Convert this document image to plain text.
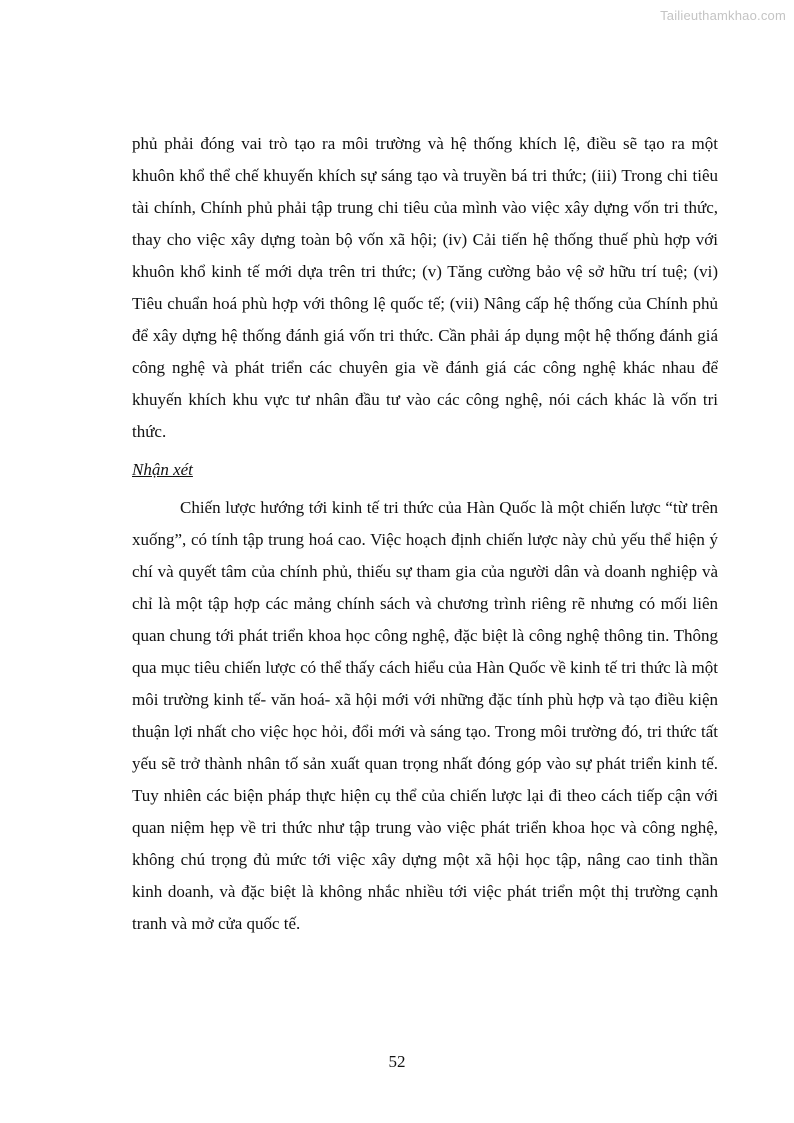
Tailieuthamkhao.com

phủ phải đóng vai trò tạo ra môi trường và hệ thống khích lệ, điều sẽ tạo ra một khuôn khổ thể chế khuyến khích sự sáng tạo và truyền bá tri thức; (iii) Trong chi tiêu tài chính, Chính phủ phải tập trung chi tiêu của mình vào việc xây dựng vốn tri thức, thay cho việc xây dựng toàn bộ vốn xã hội; (iv) Cải tiến hệ thống thuế phù hợp với khuôn khổ kinh tế mới dựa trên tri thức; (v) Tăng cường bảo vệ sở hữu trí tuệ; (vi) Tiêu chuẩn hoá phù hợp với thông lệ quốc tế; (vii) Nâng cấp hệ thống của Chính phủ để xây dựng hệ thống đánh giá vốn tri thức. Cần phải áp dụng một hệ thống đánh giá công nghệ và phát triển các chuyên gia về đánh giá các công nghệ khác nhau để khuyến khích khu vực tư nhân đầu tư vào các công nghệ, nói cách khác là vốn tri thức.

Nhận xét

Chiến lược hướng tới kinh tế tri thức của Hàn Quốc là một chiến lược “từ trên xuống”, có tính tập trung hoá cao. Việc hoạch định chiến lược này chủ yếu thể hiện ý chí và quyết tâm của chính phủ, thiếu sự tham gia của người dân và doanh nghiệp và chỉ là một tập hợp các mảng chính sách và chương trình riêng rẽ nhưng có mối liên quan chung tới phát triển khoa học công nghệ, đặc biệt là công nghệ thông tin. Thông qua mục tiêu chiến lược có thể thấy cách hiểu của Hàn Quốc về kinh tế tri thức là một môi trường kinh tế- văn hoá- xã hội mới với những đặc tính phù hợp và tạo điều kiện thuận lợi nhất cho việc học hỏi, đổi mới và sáng tạo. Trong môi trường đó, tri thức tất yếu sẽ trở thành nhân tố sản xuất quan trọng nhất đóng góp vào sự phát triển kinh tế. Tuy nhiên các biện pháp thực hiện cụ thể của chiến lược lại đi theo cách tiếp cận với quan niệm hẹp về tri thức như tập trung vào việc phát triển khoa học và công nghệ, không chú trọng đủ mức tới việc xây dựng một xã hội học tập, nâng cao tinh thần kinh doanh, và đặc biệt là không nhắc nhiều tới việc phát triển một thị trường cạnh tranh và mở cửa quốc tế.

52
